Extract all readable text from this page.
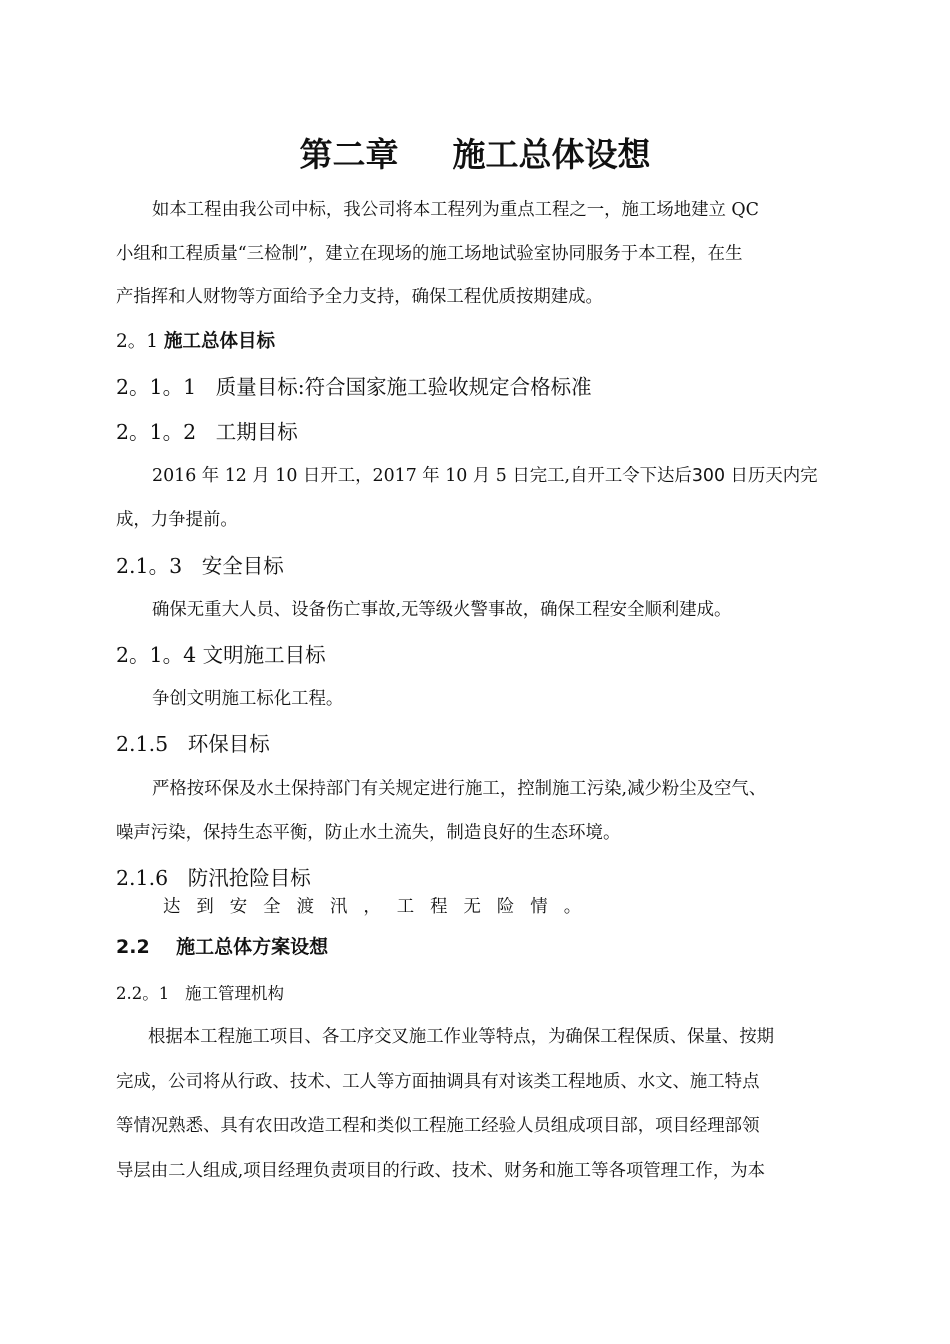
第二章 施工总体设想
如本工程由我公司中标，我公司将本工程列为重点工程之一，施工场地建立 QC
小组和工程质量“三检制”，建立在现场的施工场地试验室协同服务于本工程，在生
产指挥和人财物等方面给予全力支持，确保工程优质按期建成。
2。1 施工总体目标
2。1。1 质量目标:符合国家施工验收规定合格标准
2。1。2 工期目标
2016 年 12 月 10 日开工，2017 年 10 月 5 日完工,自开工令下达后300 日历天内完
成，力争提前。
2.1。3 安全目标
确保无重大人员、设备伤亡事故,无等级火警事故，确保工程安全顺利建成。
2。1。4 文明施工目标
争创文明施工标化工程。
2.1.5 环保目标
严格按环保及水土保持部门有关规定进行施工，控制施工污染,减少粉尘及空气、
噪声污染，保持生态平衡，防止水土流失，制造良好的生态环境。
2.1.6 防汛抢险目标
达到安全渡汛，工程无险情。
2.2 施工总体方案设想
2.2。1 施工管理机构
根据本工程施工项目、各工序交叉施工作业等特点，为确保工程保质、保量、按期
完成，公司将从行政、技术、工人等方面抽调具有对该类工程地质、水文、施工特点
等情况熟悉、具有农田改造工程和类似工程施工经验人员组成项目部，项目经理部领
导层由二人组成,项目经理负责项目的行政、技术、财务和施工等各项管理工作，为本
